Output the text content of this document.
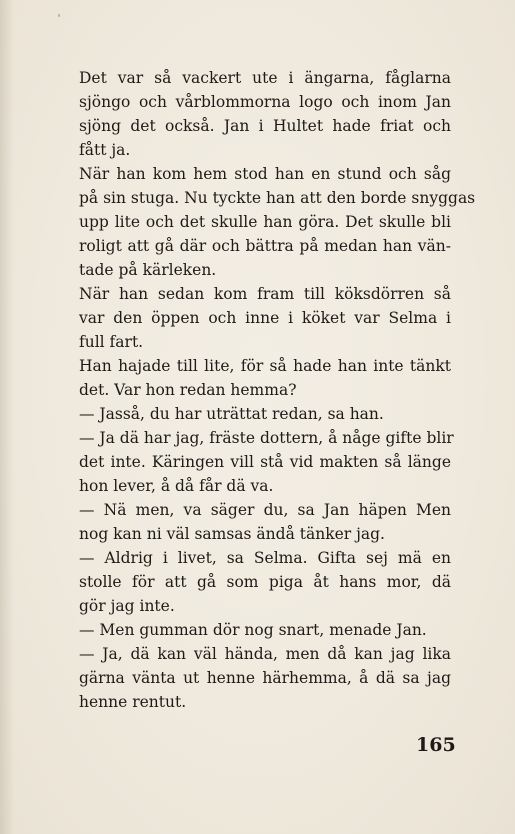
Det var så vackert ute i ängarna, fåglarna
sjöngo och vårblommorna logo och inom Jan
sjöng det också. Jan i Hultet hade friat och
fått ja.

När han kom hem stod han en stund och såg
på sin stuga. Nu tyckte han att den borde snyggas
upp lite och det skulle han göra. Det skulle bli
roligt att gå där och bättra på medan han vän-
tade på kärleken.

När han sedan kom fram till köksdörren så
var den öppen och inne i köket var Selma i
full fart.

Han hajade till lite, för så hade han inte tänkt
det. Var hon redan hemma?

— Jasså, du har uträttat redan, sa han.

— Ja dä har jag, fräste dottern, å någe gifte blir
det inte. Käringen vill stå vid makten så länge
hon lever, å då får dä va.

— Nä men, va säger du, sa Jan häpen Men
nog kan ni väl samsas ändå tänker jag.

— Aldrig i livet, sa Selma. Gifta sej mä en
stolle för att gå som piga åt hans mor, dä
gör jag inte.

— Men gumman dör nog snart, menade Jan.

— Ja, dä kan väl hända, men då kan jag lika
gärna vänta ut henne härhemma, å dä sa jag
henne rentut.

165
